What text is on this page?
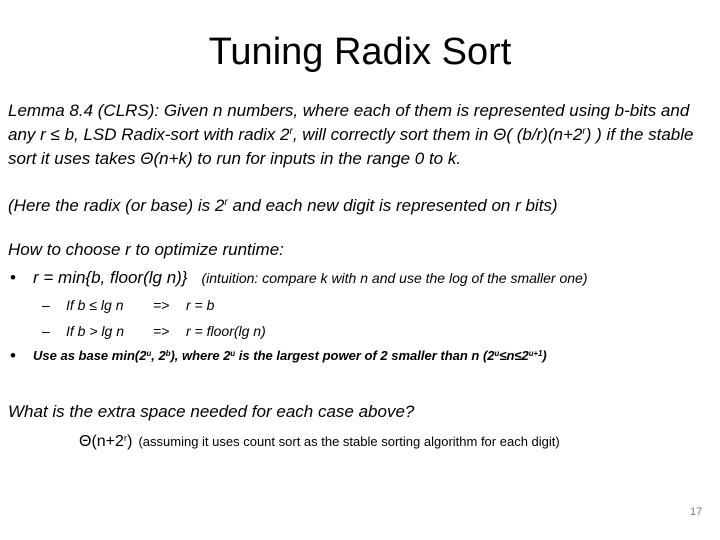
Tuning Radix Sort
Lemma 8.4 (CLRS): Given n numbers, where each of them is represented using b-bits and any r ≤ b, LSD Radix-sort with radix 2$^r$, will correctly sort them in Θ( $(b/r)(n+2^r)$ ) if the stable sort it uses takes Θ(n+k) to run for inputs in the range 0 to k.
(Here the radix (or base) is 2$^r$ and each new digit is represented on r bits)
How to choose r to optimize runtime:
• r = min{b, floor(lg n)} (intuition: compare k with n and use the log of the smaller one)
– If b ≤ lg n => r = b
– If b > lg n => r = floor(lg n)
• Use as base min(2$^u$, 2$^b$), where 2$^u$ is the largest power of 2 smaller than n $(2^u\le n\le 2^{u+1})$
What is the extra space needed for each case above?
$\Theta(n+2^r)$ (assuming it uses count sort as the stable sorting algorithm for each digit)
17
